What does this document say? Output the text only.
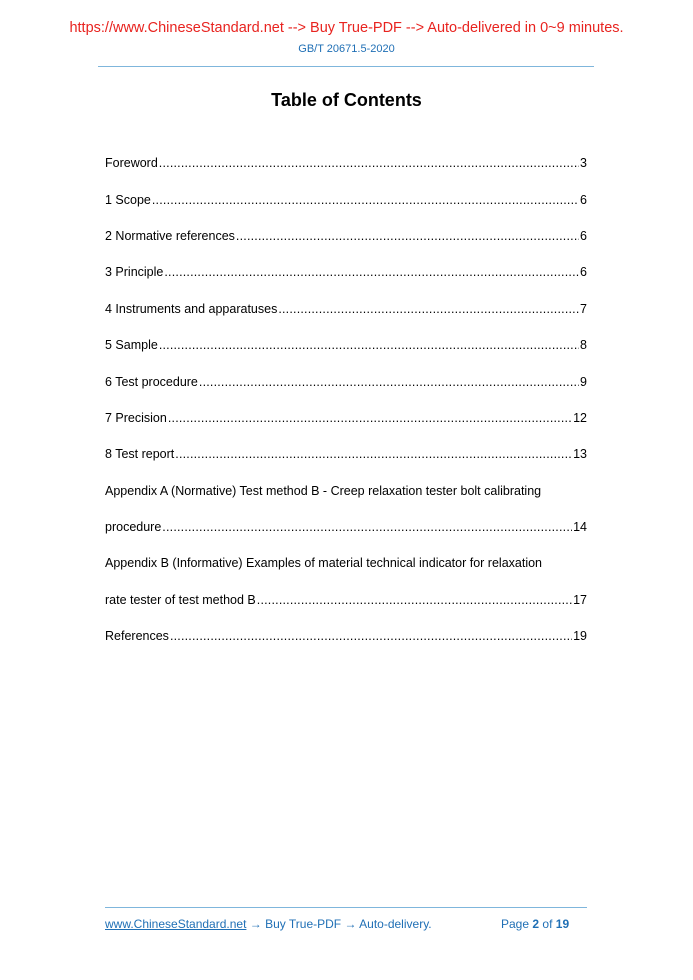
https://www.ChineseStandard.net --> Buy True-PDF --> Auto-delivered in 0~9 minutes.
GB/T 20671.5-2020
Table of Contents
Foreword .....	3
1 Scope .....	6
2 Normative references .....	6
3 Principle .....	6
4 Instruments and apparatuses .....	7
5 Sample .....	8
6 Test procedure .....	9
7 Precision .....	12
8 Test report .....	13
Appendix A (Normative) Test method B - Creep relaxation tester bolt calibrating
procedure .....	14
Appendix B (Informative) Examples of material technical indicator for relaxation
rate tester of test method B .....	17
References .....	19
www.ChineseStandard.net → Buy True-PDF → Auto-delivery.	Page 2 of 19
